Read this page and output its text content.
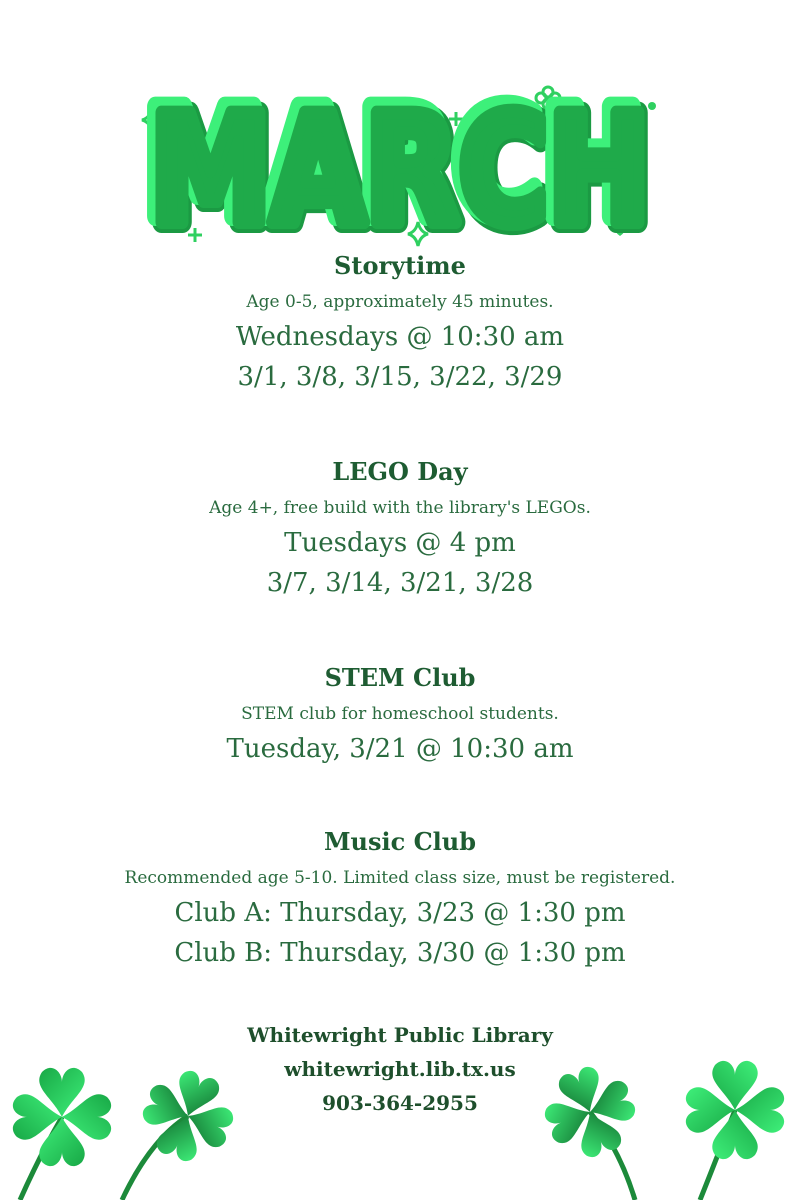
MARCH
MARCH
MARCH
Storytime
Age 0-5, approximately 45 minutes.
Wednesdays @ 10:30 am
3/1, 3/8, 3/15, 3/22, 3/29
LEGO Day
Age 4+, free build with the library's LEGOs.
Tuesdays @ 4 pm
3/7, 3/14, 3/21, 3/28
STEM Club
STEM club for homeschool students.
Tuesday, 3/21 @ 10:30 am
Music Club
Recommended age 5-10. Limited class size, must be registered.
Club A: Thursday, 3/23 @ 1:30 pm
Club B: Thursday, 3/30 @ 1:30 pm
Whitewright Public Library
whitewright.lib.tx.us
903-364-2955
